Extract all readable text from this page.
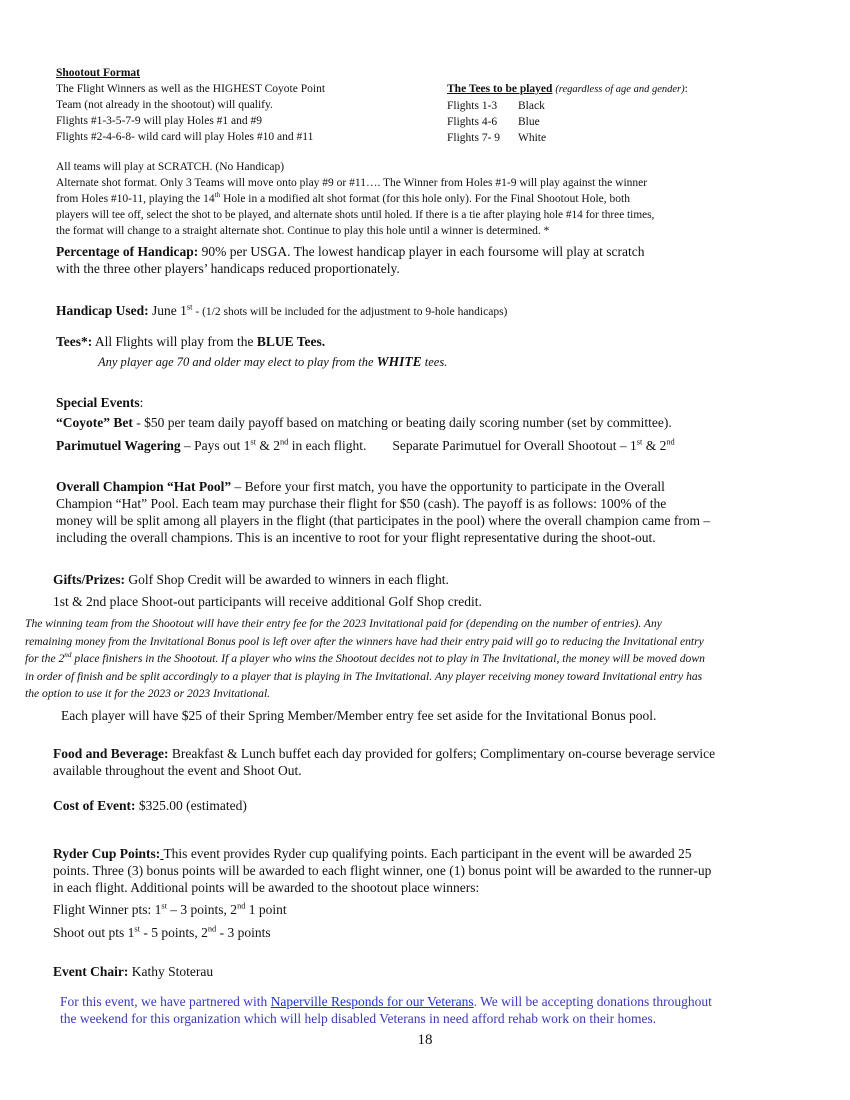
Shootout Format
The Flight Winners as well as the HIGHEST Coyote Point
Team (not already in the shootout) will qualify.
Flights #1-3-5-7-9 will play Holes #1 and #9
Flights #2-4-6-8- wild card will play Holes #10 and #11
The Tees to be played (regardless of age and gender):
Flights 1-3	Black
Flights 4-6	Blue
Flights 7- 9	White
All teams will play at SCRATCH. (No Handicap)
Alternate shot format. Only 3 Teams will move onto play #9 or #11…. The Winner from Holes #1-9 will play against the winner
from Holes #10-11, playing the 14th Hole in a modified alt shot format (for this hole only). For the Final Shootout Hole, both
players will tee off, select the shot to be played, and alternate shots until holed. If there is a tie after playing hole #14 for three times,
the format will change to a straight alternate shot. Continue to play this hole until a winner is determined. *
Percentage of Handicap: 90% per USGA. The lowest handicap player in each foursome will play at scratch
with the three other players’ handicaps reduced proportionately.
Handicap Used: June 1st - (1/2 shots will be included for the adjustment to 9-hole handicaps)
Tees*: All Flights will play from the BLUE Tees.
Any player age 70 and older may elect to play from the WHITE tees.
Special Events:
“Coyote” Bet - $50 per team daily payoff based on matching or beating daily scoring number (set by committee).
Parimutuel Wagering – Pays out 1st & 2nd in each flight. Separate Parimutuel for Overall Shootout – 1st & 2nd
Overall Champion “Hat Pool” – Before your first match, you have the opportunity to participate in the Overall
Champion “Hat” Pool. Each team may purchase their flight for $50 (cash). The payoff is as follows: 100% of the
money will be split among all players in the flight (that participates in the pool) where the overall champion came from –
including the overall champions. This is an incentive to root for your flight representative during the shoot-out.
Gifts/Prizes: Golf Shop Credit will be awarded to winners in each flight.
1st & 2nd place Shoot-out participants will receive additional Golf Shop credit.
The winning team from the Shootout will have their entry fee for the 2023 Invitational paid for (depending on the number of entries). Any
remaining money from the Invitational Bonus pool is left over after the winners have had their entry paid will go to reducing the Invitational entry
for the 2nd place finishers in the Shootout. If a player who wins the Shootout decides not to play in The Invitational, the money will be moved down
in order of finish and be split accordingly to a player that is playing in The Invitational. Any player receiving money toward Invitational entry has
the option to use it for the 2023 or 2023 Invitational.
Each player will have $25 of their Spring Member/Member entry fee set aside for the Invitational Bonus pool.
Food and Beverage: Breakfast & Lunch buffet each day provided for golfers; Complimentary on-course beverage service
available throughout the event and Shoot Out.
Cost of Event: $325.00 (estimated)
Ryder Cup Points: This event provides Ryder cup qualifying points. Each participant in the event will be awarded 25
points. Three (3) bonus points will be awarded to each flight winner, one (1) bonus point will be awarded to the runner-up
in each flight. Additional points will be awarded to the shootout place winners:
Flight Winner pts: 1st – 3 points, 2nd 1 point
Shoot out pts 1st - 5 points, 2nd - 3 points
Event Chair: Kathy Stoterau
For this event, we have partnered with Naperville Responds for our Veterans. We will be accepting donations throughout
the weekend for this organization which will help disabled Veterans in need afford rehab work on their homes.
18
